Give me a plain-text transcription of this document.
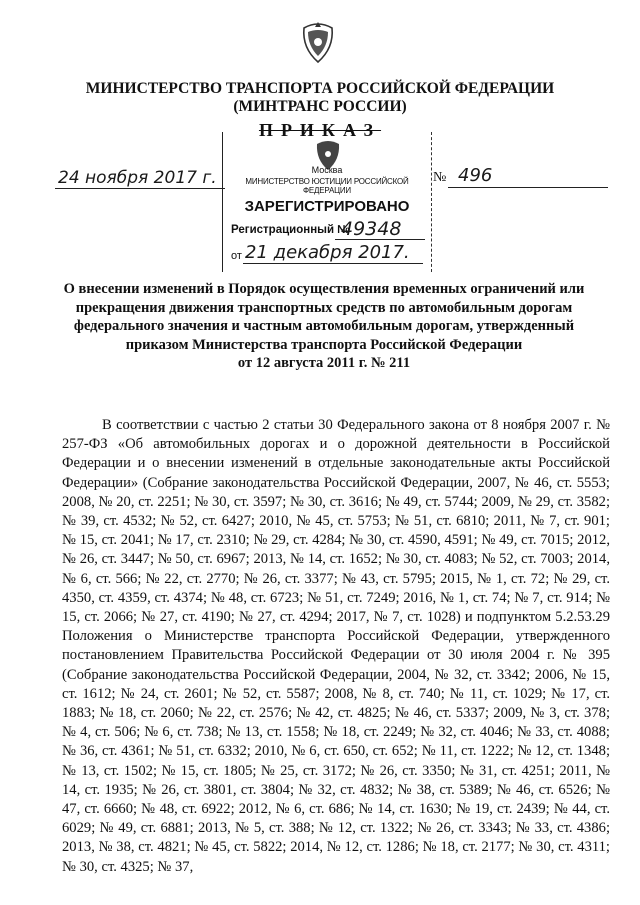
МИНИСТЕРСТВО ТРАНСПОРТА РОССИЙСКОЙ ФЕДЕРАЦИИ
(МИНТРАНС РОССИИ)
ПРИКАЗ
24 ноября 2017 г.	Москва
МИНИСТЕРСТВО ЮСТИЦИИ РОССИЙСКОЙ ФЕДЕРАЦИИ
ЗАРЕГИСТРИРОВАНО
Регистрационный №
49348
от 21 декабря 2017.
№ 496
О внесении изменений в Порядок осуществления временных ограничений или
прекращения движения транспортных средств по автомобильным дорогам
федерального значения и частным автомобильным дорогам, утвержденный
приказом Министерства транспорта Российской Федерации
от 12 августа 2011 г. № 211

В соответствии с частью 2 статьи 30 Федерального закона от 8 ноября 2007 г. № 257-ФЗ «Об автомобильных дорогах и о дорожной деятельности в Российской Федерации и о внесении изменений в отдельные законодательные акты Российской Федерации» (Собрание законодательства Российской Федерации, 2007, № 46, ст. 5553; 2008, № 20, ст. 2251; № 30, ст. 3597; № 30, ст. 3616; № 49, ст. 5744; 2009, № 29, ст. 3582; № 39, ст. 4532; № 52, ст. 6427; 2010, № 45, ст. 5753; № 51, ст. 6810; 2011, № 7, ст. 901; № 15, ст. 2041; № 17, ст. 2310; № 29, ст. 4284; № 30, ст. 4590, 4591; № 49, ст. 7015; 2012, № 26, ст. 3447; № 50, ст. 6967; 2013, № 14, ст. 1652; № 30, ст. 4083; № 52, ст. 7003; 2014, № 6, ст. 566; № 22, ст. 2770; № 26, ст. 3377; № 43, ст. 5795; 2015, № 1, ст. 72; № 29, ст. 4350, ст. 4359, ст. 4374; № 48, ст. 6723; № 51, ст. 7249; 2016, № 1, ст. 74; № 7, ст. 914; № 15, ст. 2066; № 27, ст. 4190; № 27, ст. 4294; 2017, № 7, ст. 1028) и подпунктом 5.2.53.29 Положения о Министерстве транспорта Российской Федерации, утвержденного постановлением Правительства Российской Федерации от 30 июля 2004 г. № 395 (Собрание законодательства Российской Федерации, 2004, № 32, ст. 3342; 2006, № 15, ст. 1612; № 24, ст. 2601; № 52, ст. 5587; 2008, № 8, ст. 740; № 11, ст. 1029; № 17, ст. 1883; № 18, ст. 2060; № 22, ст. 2576; № 42, ст. 4825; № 46, ст. 5337; 2009, № 3, ст. 378; № 4, ст. 506; № 6, ст. 738; № 13, ст. 1558; № 18, ст. 2249; № 32, ст. 4046; № 33, ст. 4088; № 36, ст. 4361; № 51, ст. 6332; 2010, № 6, ст. 650, ст. 652; № 11, ст. 1222; № 12, ст. 1348; № 13, ст. 1502; № 15, ст. 1805; № 25, ст. 3172; № 26, ст. 3350; № 31, ст. 4251; 2011, № 14, ст. 1935; № 26, ст. 3801, ст. 3804; № 32, ст. 4832; № 38, ст. 5389; № 46, ст. 6526; № 47, ст. 6660; № 48, ст. 6922; 2012, № 6, ст. 686; № 14, ст. 1630; № 19, ст. 2439; № 44, ст. 6029; № 49, ст. 6881; 2013, № 5, ст. 388; № 12, ст. 1322; № 26, ст. 3343; № 33, ст. 4386; 2013, № 38, ст. 4821; № 45, ст. 5822; 2014, № 12, ст. 1286; № 18, ст. 2177; № 30, ст. 4311; № 30, ст. 4325; № 37,
